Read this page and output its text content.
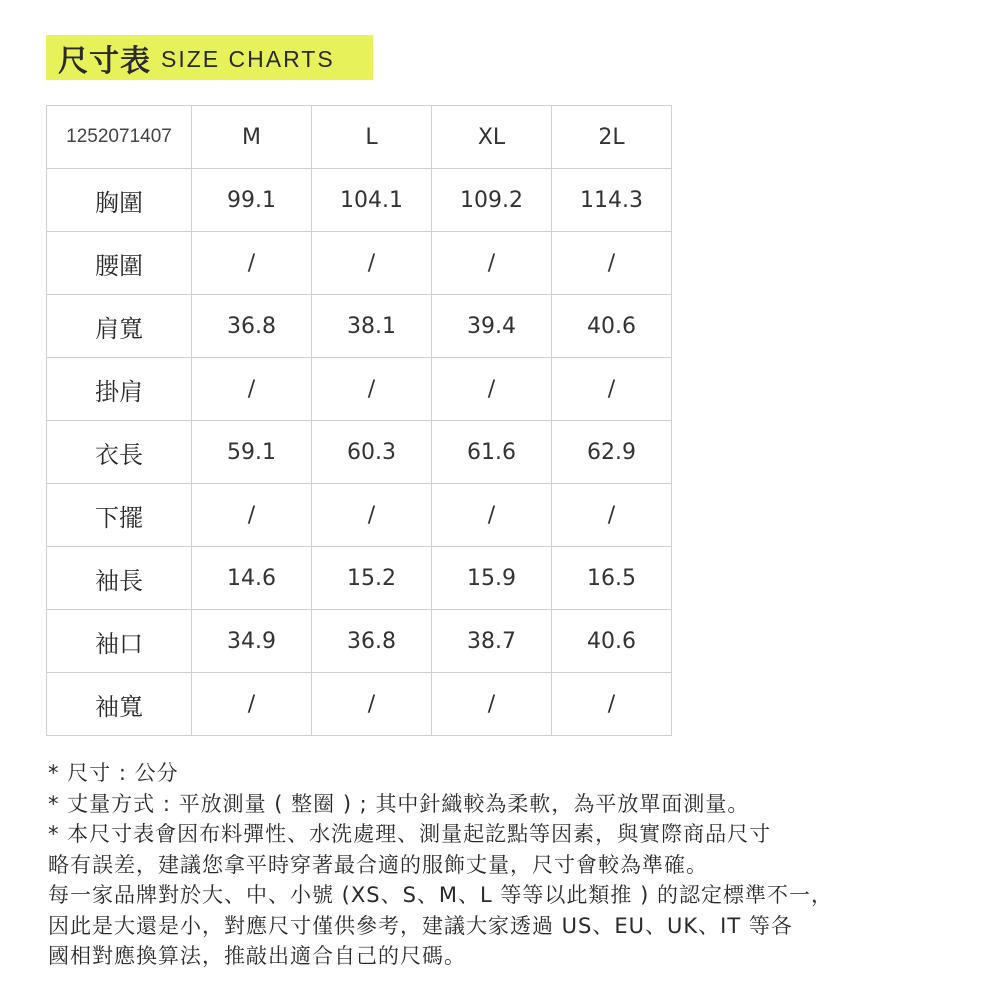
尺寸表 SIZE CHARTS
1252071407	M	L	XL	2L
胸圍	99.1	104.1	109.2	114.3
腰圍	/	/	/	/
肩寬	36.8	38.1	39.4	40.6
掛肩	/	/	/	/
衣長	59.1	60.3	61.6	62.9
下擺	/	/	/	/
袖長	14.6	15.2	15.9	16.5
袖口	34.9	36.8	38.7	40.6
袖寬	/	/	/	/

* 尺寸 : 公分

* 丈量方式 : 平放測量 ( 整圈 ) ; 其中針織較為柔軟，為平放單面測量。

* 本尺寸表會因布料彈性、水洗處理、測量起訖點等因素，與實際商品尺寸

略有誤差，建議您拿平時穿著最合適的服飾丈量，尺寸會較為準確。

每一家品牌對於大、中、小號 (XS、S、M、L 等等以此類推 ) 的認定標準不一，

因此是大還是小，對應尺寸僅供參考，建議大家透過 US、EU、UK、IT 等各

國相對應換算法，推敲出適合自己的尺碼。
